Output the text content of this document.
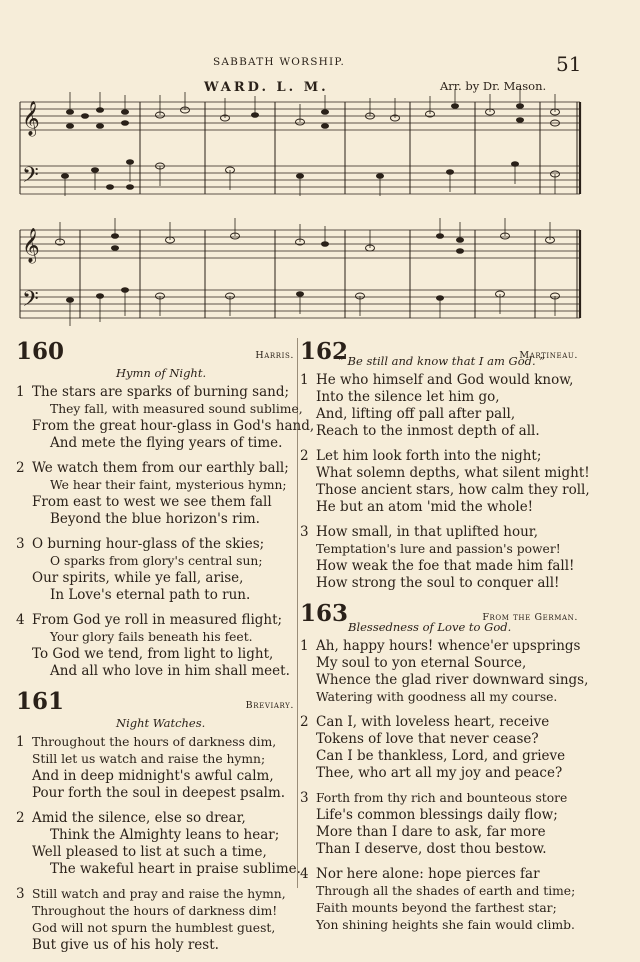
SABBATH WORSHIP.	51
WARD. L. M.	Arr. by Dr. Mason.
𝄞
𝄢
𝄞
𝄢
160	Harris.
Hymn of Night.
1 The stars are sparks of burning sand;
They fall, with measured sound sublime,
From the great hour-glass in God's hand,
And mete the flying years of time.
2 We watch them from our earthly ball;
We hear their faint, mysterious hymn;
From east to west we see them fall
Beyond the blue horizon's rim.
3 O burning hour-glass of the skies;
O sparks from glory's central sun;
Our spirits, while ye fall, arise,
In Love's eternal path to run.
4 From God ye roll in measured flight;
Your glory fails beneath his feet.
To God we tend, from light to light,
And all who love in him shall meet.
161	Breviary.
Night Watches.
1 Throughout the hours of darkness dim,
Still let us watch and raise the hymn;
And in deep midnight's awful calm,
Pour forth the soul in deepest psalm.
2 Amid the silence, else so drear,
Think the Almighty leans to hear;
Well pleased to list at such a time,
The wakeful heart in praise sublime.
3 Still watch and pray and raise the hymn,
Throughout the hours of darkness dim!
God will not spurn the humblest guest,
But give us of his holy rest.
162	Martineau.
“ Be still and know that I am God. ”
1 He who himself and God would know,
Into the silence let him go,
And, lifting off pall after pall,
Reach to the inmost depth of all.
2 Let him look forth into the night;
What solemn depths, what silent might!
Those ancient stars, how calm they roll,
He but an atom 'mid the whole!
3 How small, in that uplifted hour,
Temptation's lure and passion's power!
How weak the foe that made him fall!
How strong the soul to conquer all!
163	From the German.
Blessedness of Love to God.
1 Ah, happy hours! whence'er upsprings
My soul to yon eternal Source,
Whence the glad river downward sings,
Watering with goodness all my course.
2 Can I, with loveless heart, receive
Tokens of love that never cease?
Can I be thankless, Lord, and grieve
Thee, who art all my joy and peace?
3 Forth from thy rich and bounteous store
Life's common blessings daily flow;
More than I dare to ask, far more
Than I deserve, dost thou bestow.
4 Nor here alone: hope pierces far
Through all the shades of earth and time;
Faith mounts beyond the farthest star;
Yon shining heights she fain would climb.
